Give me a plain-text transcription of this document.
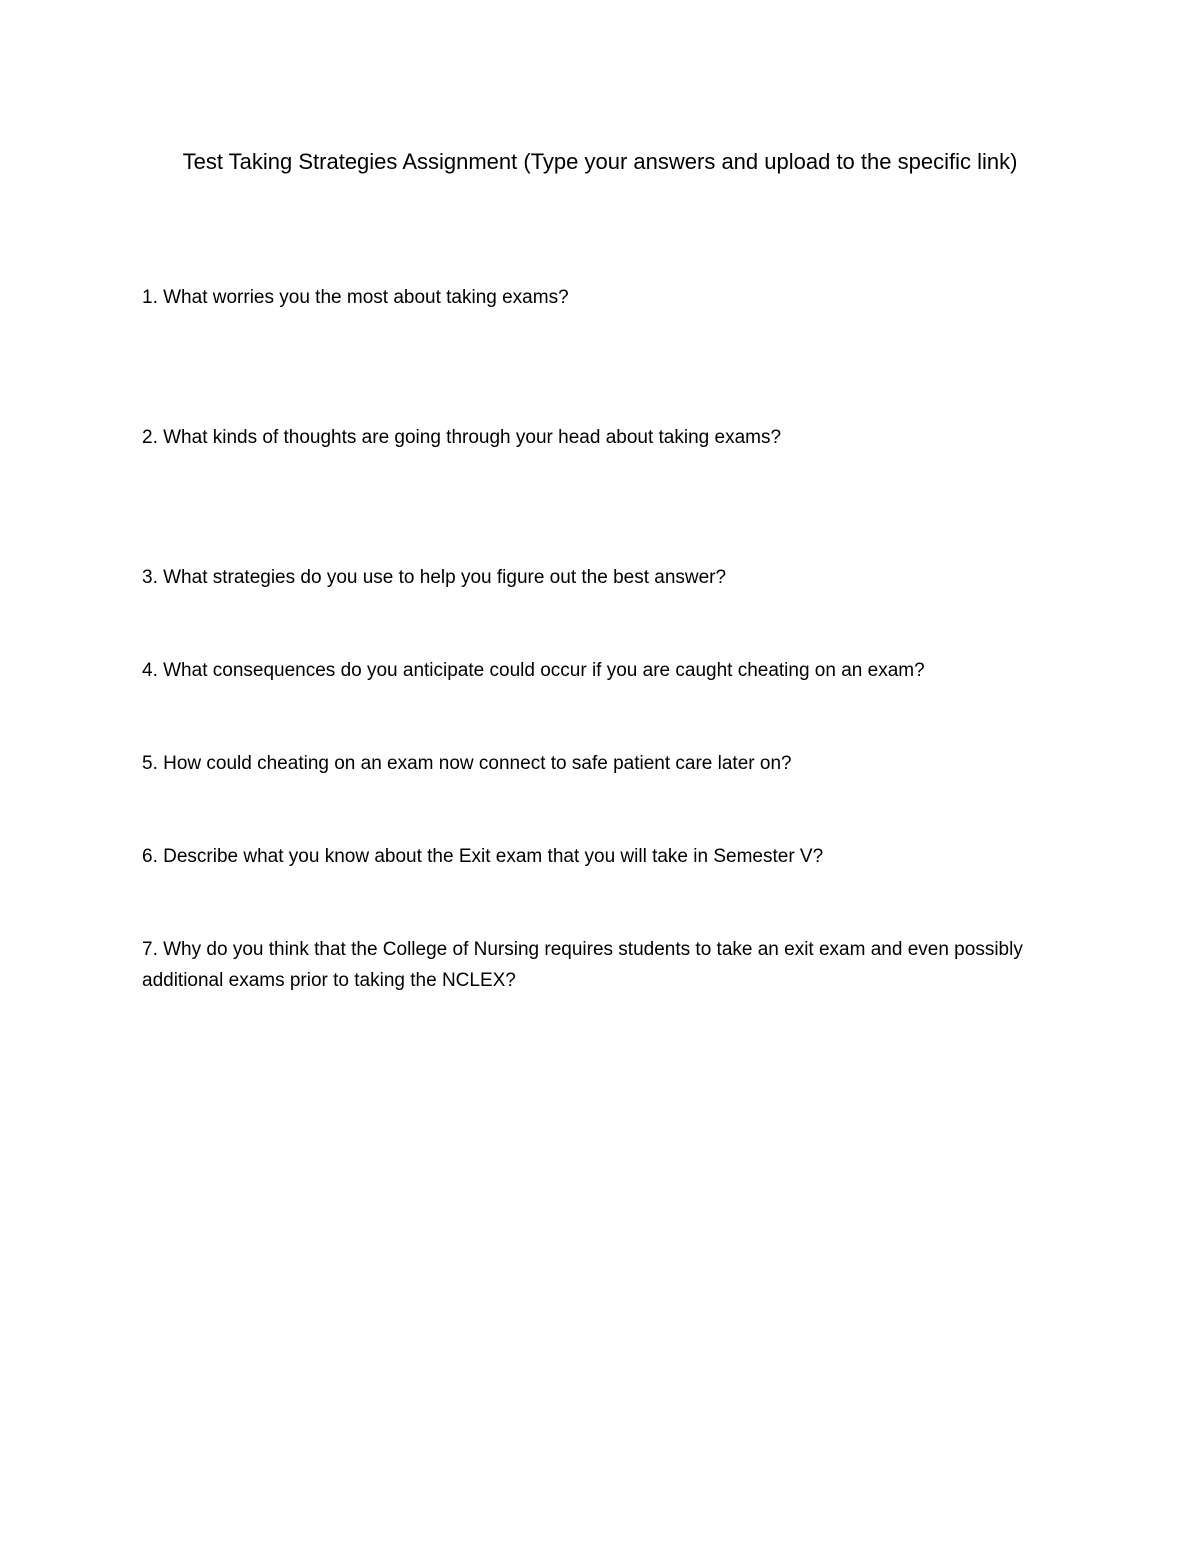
Test Taking Strategies Assignment (Type your answers and upload to the specific link)

1. What worries you the most about taking exams?

2. What kinds of thoughts are going through your head about taking exams?

3. What strategies do you use to help you figure out the best answer?

4. What consequences do you anticipate could occur if you are caught cheating on an exam?

5. How could cheating on an exam now connect to safe patient care later on?

6. Describe what you know about the Exit exam that you will take in Semester V?

7. Why do you think that the College of Nursing requires students to take an exit exam and even possibly additional exams prior to taking the NCLEX?
